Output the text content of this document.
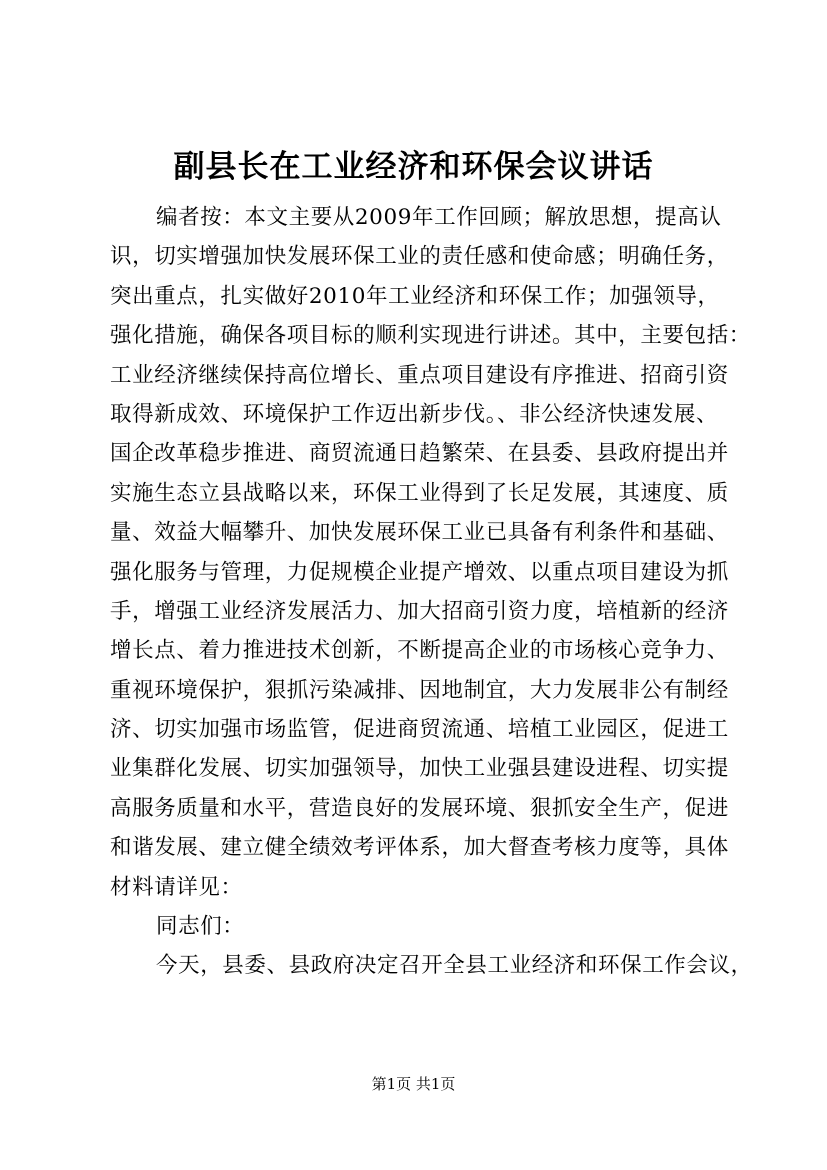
副县长在工业经济和环保会议讲话
编者按：本文主要从2009年工作回顾；解放思想，提高认
识，切实增强加快发展环保工业的责任感和使命感；明确任务，
突出重点，扎实做好2010年工业经济和环保工作；加强领导，
强化措施，确保各项目标的顺利实现进行讲述。其中，主要包括：
工业经济继续保持高位增长、重点项目建设有序推进、招商引资
取得新成效、环境保护工作迈出新步伐。、非公经济快速发展、
国企改革稳步推进、商贸流通日趋繁荣、在县委、县政府提出并
实施生态立县战略以来，环保工业得到了长足发展，其速度、质
量、效益大幅攀升、加快发展环保工业已具备有利条件和基础、
强化服务与管理，力促规模企业提产增效、以重点项目建设为抓
手，增强工业经济发展活力、加大招商引资力度，培植新的经济
增长点、着力推进技术创新，不断提高企业的市场核心竞争力、
重视环境保护，狠抓污染减排、因地制宜，大力发展非公有制经
济、切实加强市场监管，促进商贸流通、培植工业园区，促进工
业集群化发展、切实加强领导，加快工业强县建设进程、切实提
高服务质量和水平，营造良好的发展环境、狠抓安全生产，促进
和谐发展、建立健全绩效考评体系，加大督查考核力度等，具体
材料请详见：
同志们：
今天，县委、县政府决定召开全县工业经济和环保工作会议，
第1页 共1页
